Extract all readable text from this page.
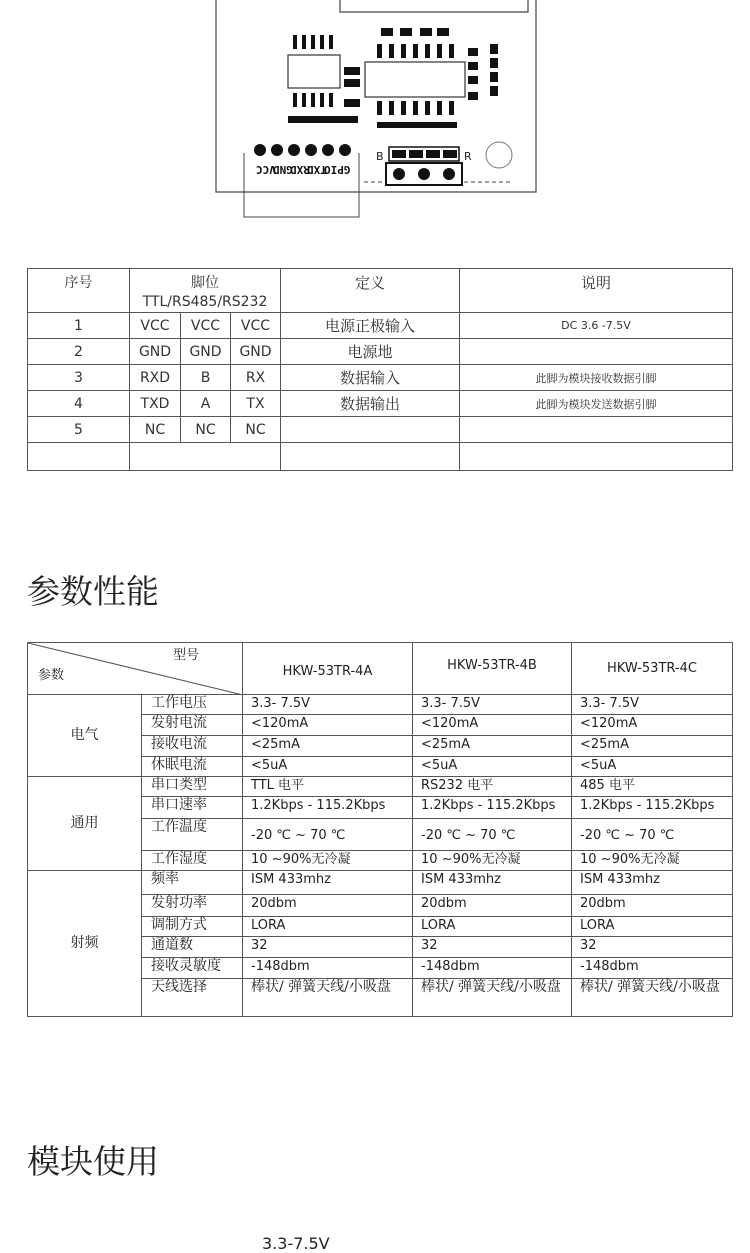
VCC
GND
RXD
TXD
GPIO
B	R
序号	脚位
TTL/RS485/RS232			定义	说明
1	VCC	VCC	VCC	电源正极输入	DC 3.6 -7.5V
2	GND	GND	GND	电源地	
3	RXD	B	RX	数据输入	此脚为模块接收数据引脚
4	TXD	A	TX	数据输出	此脚为模块发送数据引脚
5	NC	NC	NC		

参数性能
型号
参数		HKW-53TR-4A	HKW-53TR-4B	HKW-53TR-4C
电气	工作电压	3.3- 7.5V	3.3- 7.5V	3.3- 7.5V
	发射电流	<120mA	<120mA	<120mA
	接收电流	<25mA	<25mA	<25mA
	休眠电流	<5uA	<5uA	<5uA
通用	串口类型	TTL 电平	RS232 电平	485 电平
	串口速率	1.2Kbps - 115.2Kbps	1.2Kbps - 115.2Kbps	1.2Kbps - 115.2Kbps
	工作温度	-20 ℃ ~ 70 ℃	-20 ℃ ~ 70 ℃	-20 ℃ ~ 70 ℃
	工作湿度	10 ~90%无冷凝	10 ~90%无冷凝	10 ~90%无冷凝
射频	频率	ISM 433mhz	ISM 433mhz	ISM 433mhz
	发射功率	20dbm	20dbm	20dbm
	调制方式	LORA	LORA	LORA
	通道数	32	32	32
	接收灵敏度	-148dbm	-148dbm	-148dbm
	天线选择	棒状/ 弹簧天线/小吸盘	棒状/ 弹簧天线/小吸盘	棒状/ 弹簧天线/小吸盘
模块使用
3.3-7.5V
